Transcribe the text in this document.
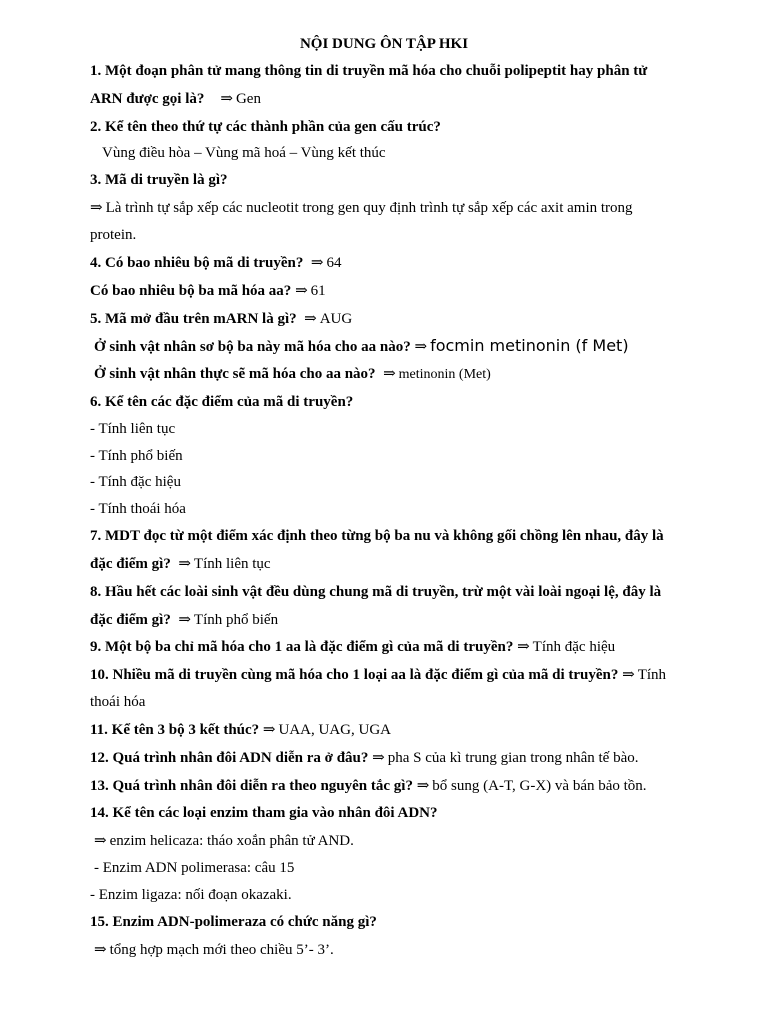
NỘI DUNG ÔN TẬP HKI
1. Một đoạn phân tử mang thông tin di truyền mã hóa cho chuỗi polipeptit hay phân tử
ARN được gọi là? ⇒ Gen
2. Kể tên theo thứ tự các thành phần của gen cấu trúc?
Vùng điều hòa – Vùng mã hoá – Vùng kết thúc
3. Mã di truyền là gì?
⇒ Là trình tự sắp xếp các nucleotit trong gen quy định trình tự sắp xếp các axit amin trong
protein.
4. Có bao nhiêu bộ mã di truyền? ⇒ 64
Có bao nhiêu bộ ba mã hóa aa? ⇒ 61
5. Mã mở đầu trên mARN là gì? ⇒ AUG
Ở sinh vật nhân sơ bộ ba này mã hóa cho aa nào? ⇒ focmin metinonin (f Met)
Ở sinh vật nhân thực sẽ mã hóa cho aa nào? ⇒ metinonin (Met)
6. Kể tên các đặc điểm của mã di truyền?
- Tính liên tục
- Tính phổ biến
- Tính đặc hiệu
- Tính thoái hóa
7. MDT đọc từ một điểm xác định theo từng bộ ba nu và không gối chồng lên nhau, đây là
đặc điểm gì? ⇒ Tính liên tục
8. Hầu hết các loài sinh vật đều dùng chung mã di truyền, trừ một vài loài ngoại lệ, đây là
đặc điểm gì? ⇒ Tính phổ biến
9. Một bộ ba chỉ mã hóa cho 1 aa là đặc điểm gì của mã di truyền? ⇒ Tính đặc hiệu
10. Nhiều mã di truyền cùng mã hóa cho 1 loại aa là đặc điểm gì của mã di truyền? ⇒ Tính
thoái hóa
11. Kể tên 3 bộ 3 kết thúc? ⇒ UAA, UAG, UGA
12. Quá trình nhân đôi ADN diễn ra ở đâu? ⇒ pha S của kì trung gian trong nhân tế bào.
13. Quá trình nhân đôi diễn ra theo nguyên tắc gì? ⇒ bổ sung (A-T, G-X) và bán bảo tồn.
14. Kể tên các loại enzim tham gia vào nhân đôi ADN?
⇒ enzim helicaza: tháo xoắn phân tử AND.
- Enzim ADN polimerasa: câu 15
- Enzim ligaza: nối đoạn okazaki.
15. Enzim ADN-polimeraza có chức năng gì?
⇒ tổng hợp mạch mới theo chiều 5’- 3’.
